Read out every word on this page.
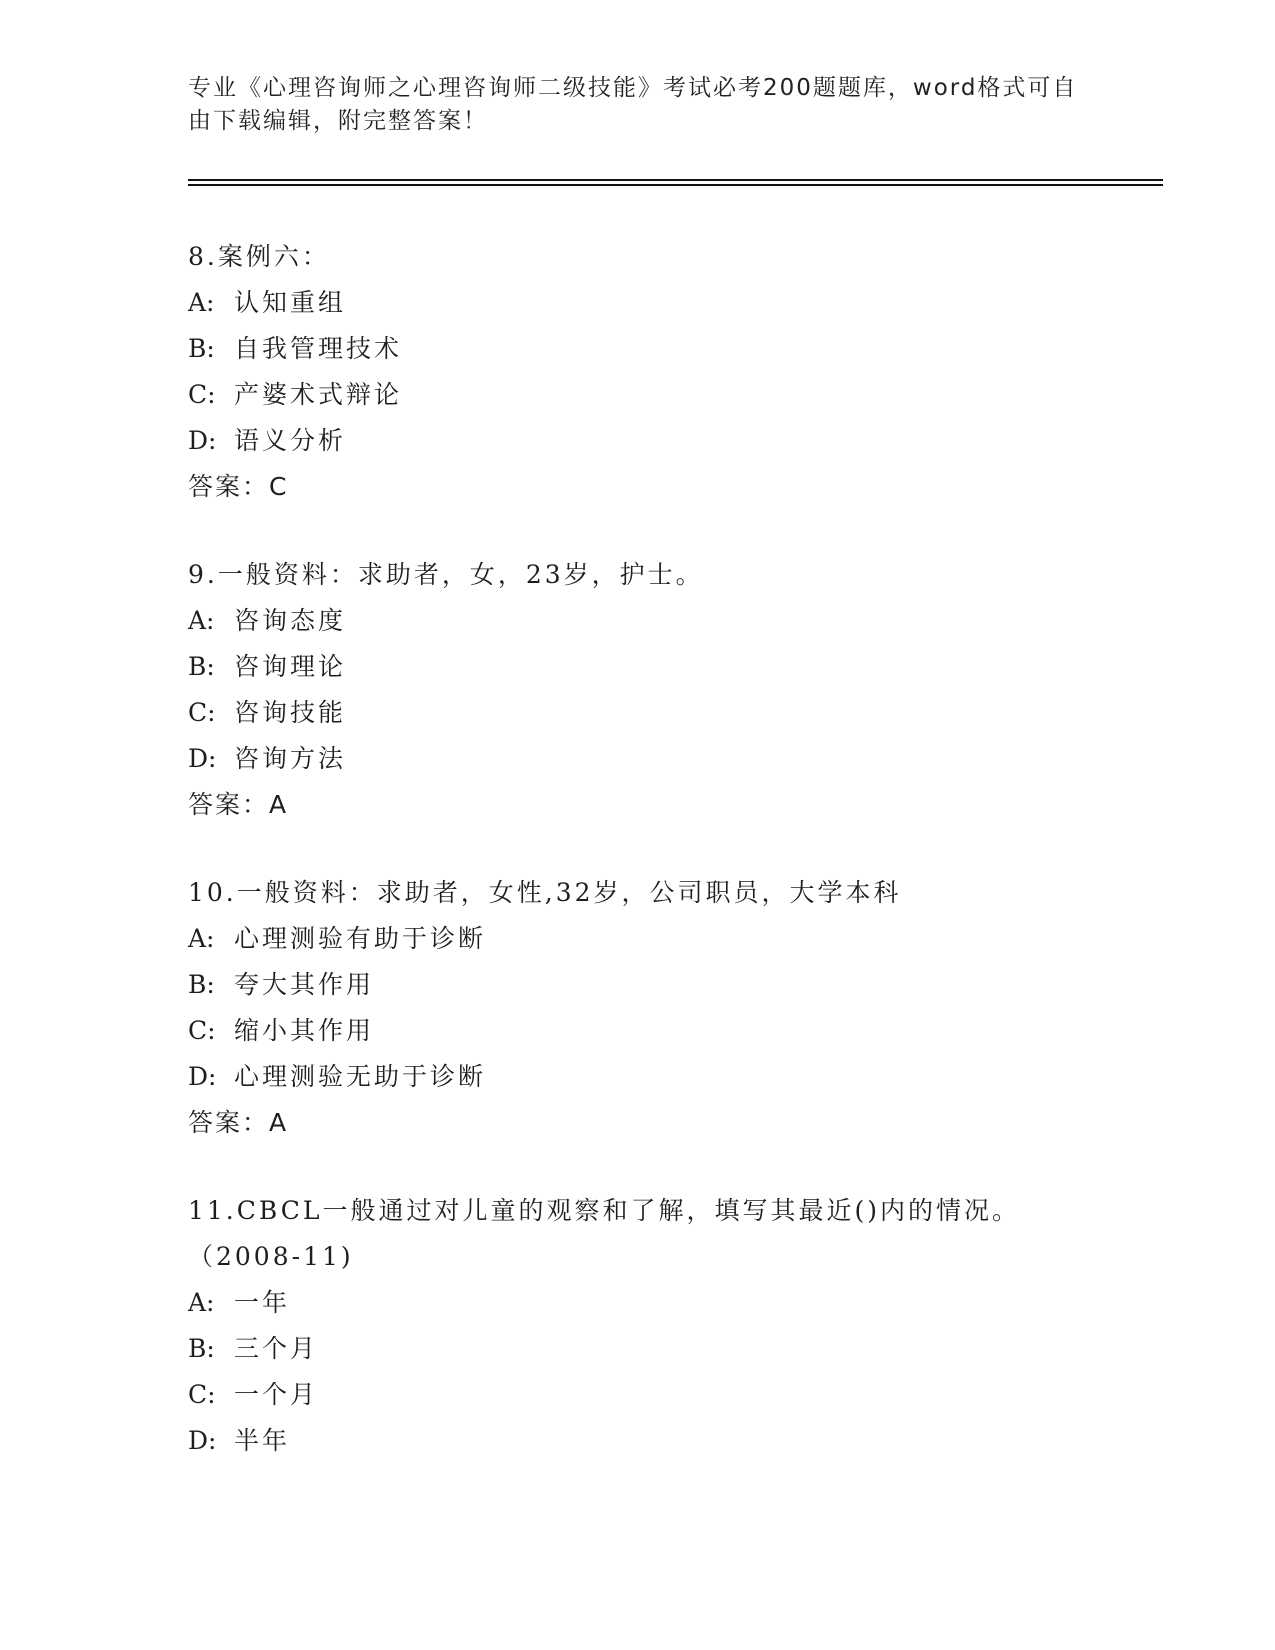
专业《心理咨询师之心理咨询师二级技能》考试必考200题题库，word格式可自
由下载编辑，附完整答案！
8.案例六：
A: 认知重组
B: 自我管理技术
C: 产婆术式辩论
D: 语义分析
答案：C
9.一般资料：求助者，女，23岁，护士。
A: 咨询态度
B: 咨询理论
C: 咨询技能
D: 咨询方法
答案：A
10.一般资料：求助者，女性,32岁，公司职员，大学本科
A: 心理测验有助于诊断
B: 夸大其作用
C: 缩小其作用
D: 心理测验无助于诊断
答案：A
11.CBCL一般通过对儿童的观察和了解，填写其最近()内的情况。（2008-11)
A: 一年
B: 三个月
C: 一个月
D: 半年
